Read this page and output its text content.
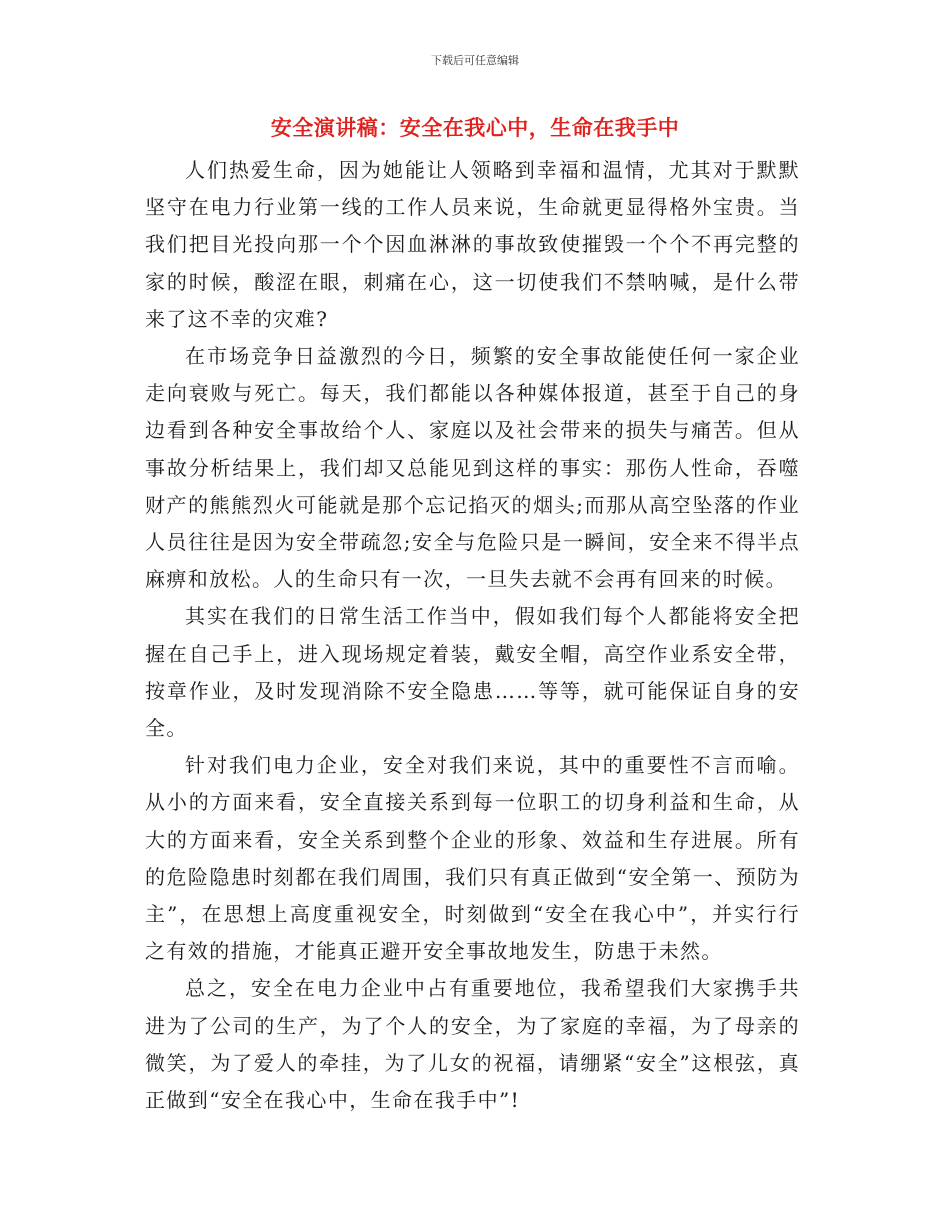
下载后可任意编辑
安全演讲稿：安全在我心中，生命在我手中

人们热爱生命，因为她能让人领略到幸福和温情，尤其对于默默坚守在电力行业第一线的工作人员来说，生命就更显得格外宝贵。当我们把目光投向那一个个因血淋淋的事故致使摧毁一个个不再完整的家的时候，酸涩在眼，刺痛在心，这一切使我们不禁呐喊，是什么带来了这不幸的灾难?

在市场竞争日益激烈的今日，频繁的安全事故能使任何一家企业走向衰败与死亡。每天，我们都能以各种媒体报道，甚至于自己的身边看到各种安全事故给个人、家庭以及社会带来的损失与痛苦。但从事故分析结果上，我们却又总能见到这样的事实：那伤人性命，吞噬财产的熊熊烈火可能就是那个忘记掐灭的烟头;而那从高空坠落的作业人员往往是因为安全带疏忽;安全与危险只是一瞬间，安全来不得半点麻痹和放松。人的生命只有一次，一旦失去就不会再有回来的时候。

其实在我们的日常生活工作当中，假如我们每个人都能将安全把握在自己手上，进入现场规定着装，戴安全帽，高空作业系安全带，按章作业，及时发现消除不安全隐患……等等，就可能保证自身的安全。

针对我们电力企业，安全对我们来说，其中的重要性不言而喻。从小的方面来看，安全直接关系到每一位职工的切身利益和生命，从大的方面来看，安全关系到整个企业的形象、效益和生存进展。所有的危险隐患时刻都在我们周围，我们只有真正做到“安全第一、预防为主”，在思想上高度重视安全，时刻做到“安全在我心中”，并实行行之有效的措施，才能真正避开安全事故地发生，防患于未然。

总之，安全在电力企业中占有重要地位，我希望我们大家携手共进为了公司的生产，为了个人的安全，为了家庭的幸福，为了母亲的微笑，为了爱人的牵挂，为了儿女的祝福，请绷紧“安全”这根弦，真正做到“安全在我心中，生命在我手中”!
